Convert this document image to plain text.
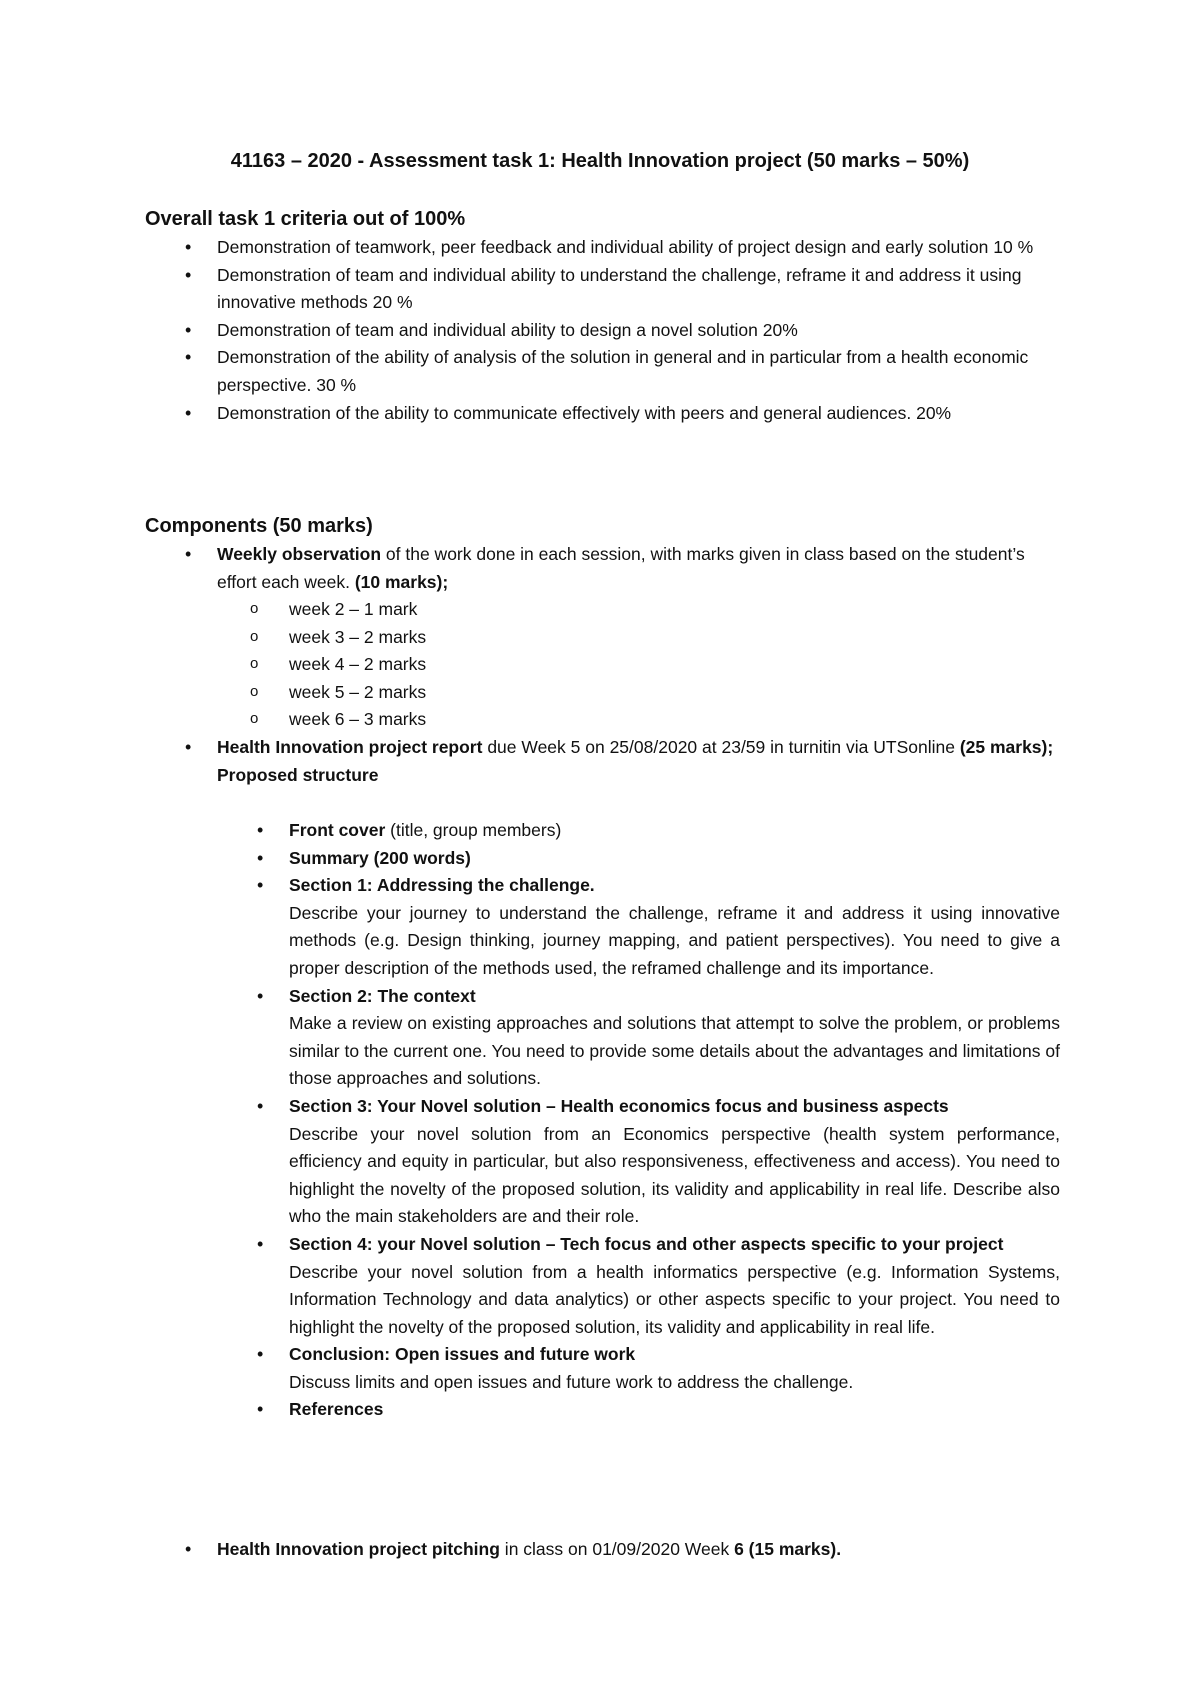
41163 – 2020 - Assessment task 1: Health Innovation project (50 marks – 50%)
Overall task 1 criteria out of 100%
• Demonstration of teamwork, peer feedback and individual ability of project design and early solution 10 %
• Demonstration of team and individual ability to understand the challenge, reframe it and address it using innovative methods 20 %
• Demonstration of team and individual ability to design a novel solution 20%
• Demonstration of the ability of analysis of the solution in general and in particular from a health economic perspective. 30 %
• Demonstration of the ability to communicate effectively with peers and general audiences. 20%
Components (50 marks)
• Weekly observation of the work done in each session, with marks given in class based on the student’s effort each week. (10 marks);
o week 2 – 1 mark
o week 3 – 2 marks
o week 4 – 2 marks
o week 5 – 2 marks
o week 6 – 3 marks
• Health Innovation project report due Week 5 on 25/08/2020 at 23/59 in turnitin via UTSonline (25 marks);
Proposed structure
• Front cover (title, group members)
• Summary (200 words)
• Section 1: Addressing the challenge.
Describe your journey to understand the challenge, reframe it and address it using innovative methods (e.g. Design thinking, journey mapping, and patient perspectives). You need to give a proper description of the methods used, the reframed challenge and its importance.
• Section 2: The context
Make a review on existing approaches and solutions that attempt to solve the problem, or problems similar to the current one. You need to provide some details about the advantages and limitations of those approaches and solutions.
• Section 3: Your Novel solution – Health economics focus and business aspects
Describe your novel solution from an Economics perspective (health system performance, efficiency and equity in particular, but also responsiveness, effectiveness and access). You need to highlight the novelty of the proposed solution, its validity and applicability in real life. Describe also who the main stakeholders are and their role.
• Section 4: your Novel solution – Tech focus and other aspects specific to your project
Describe your novel solution from a health informatics perspective (e.g. Information Systems, Information Technology and data analytics) or other aspects specific to your project. You need to highlight the novelty of the proposed solution, its validity and applicability in real life.
• Conclusion: Open issues and future work
Discuss limits and open issues and future work to address the challenge.
• References
• Health Innovation project pitching in class on 01/09/2020 Week 6 (15 marks).
